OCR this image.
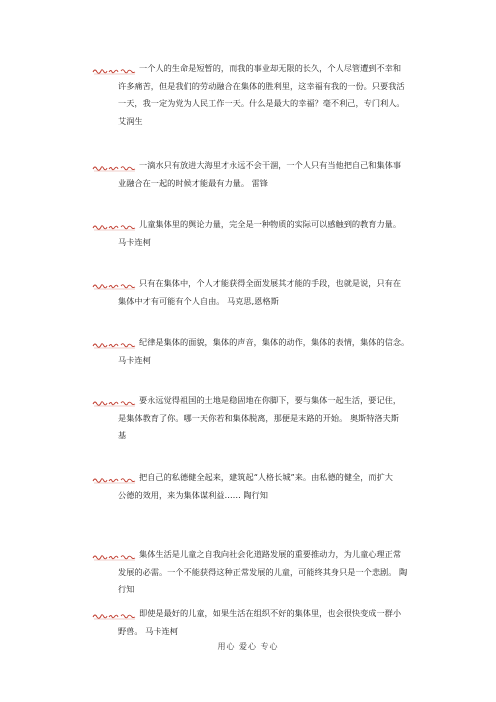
一个人的生命是短暂的，而我的事业却无限的长久，个人尽管遭到不幸和
许多痛苦，但是我们的劳动融合在集体的胜利里，这幸福有我的一份。只要我活
一天，我一定为党为人民工作一天。什么是最大的幸福？毫不利己，专门利人。
艾润生
一滴水只有放进大海里才永远不会干涸，一个人只有当他把自己和集体事
业融合在一起的时候才能最有力量。 雷锋
儿童集体里的舆论力量，完全是一种物质的实际可以感触到的教育力量。
马卡连柯
只有在集体中，个人才能获得全面发展其才能的手段，也就是说，只有在
集体中才有可能有个人自由。 马克思,恩格斯
纪律是集体的面貌，集体的声音，集体的动作，集体的表情，集体的信念。
马卡连柯
要永远觉得祖国的土地是稳固地在你脚下，要与集体一起生活，要记住，
是集体教育了你。哪一天你若和集体脱离，那便是末路的开始。 奥斯特洛夫斯
基
把自己的私德健全起来，建筑起“人格长城”来。由私德的健全，而扩大
公德的效用，来为集体谋利益…… 陶行知
集体生活是儿童之自我向社会化道路发展的重要推动力，为儿童心理正常
发展的必需。一个不能获得这种正常发展的儿童，可能终其身只是一个悲剧。 陶
行知
即使是最好的儿童，如果生活在组织不好的集体里，也会很快变成一群小
野兽。 马卡连柯
用心 爱心 专心
